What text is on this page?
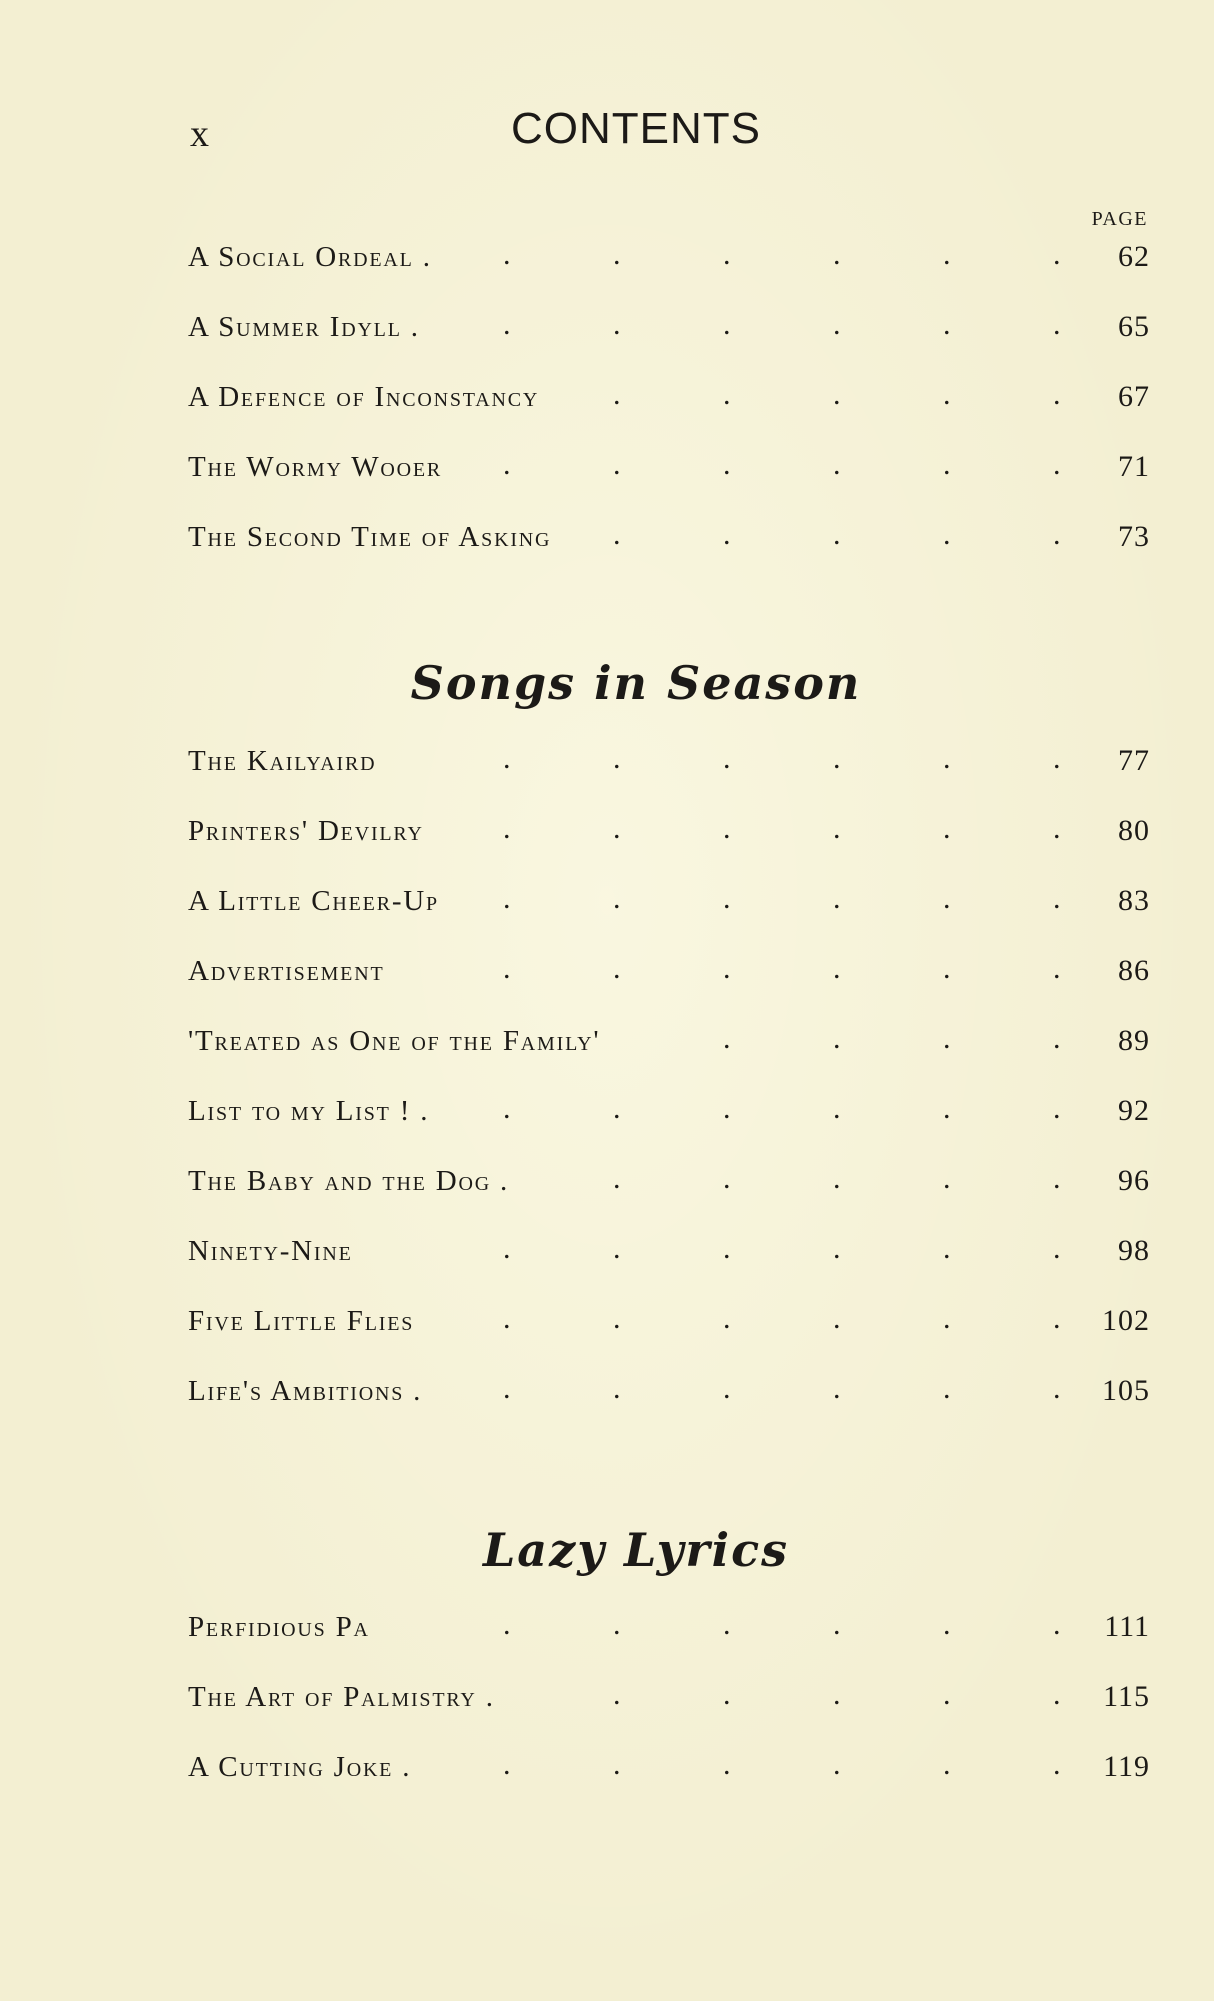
x	CONTENTS
PAGE
A Social Ordeal . .	.	.	.	.	. 62
A Summer Idyll .	.	.	.	.	.	. 65
A Defence of Inconstancy .	.	.	.	. 67
The Wormy Wooer .	.	.	.	.	. 71
The Second Time of Asking .	.	.	.	. 73
Songs in Season
The Kailyaird	.	.	.	.	.	. 77
Printers' Devilry	.	.	.	.	.	. 80
A Little Cheer-Up .	.	.	.	.	. 83
Advertisement	.	.	.	.	.	. 86
'Treated as One of the Family'	.	.	.	. 89
List to my List ! . .	.	.	.	.	. 92
The Baby and the Dog .	.	.	.	.	. 96
Ninety-Nine	.	.	.	.	.	. 98
Five Little Flies	.	.	.	.	.	. 102
Life's Ambitions .	.	.	.	.	.	. 105
Lazy Lyrics
Perfidious Pa	.	.	.	.	.	. 111
The Art of Palmistry .	.	.	.	.	. 115
A Cutting Joke .	.	.	.	.	.	. 119
